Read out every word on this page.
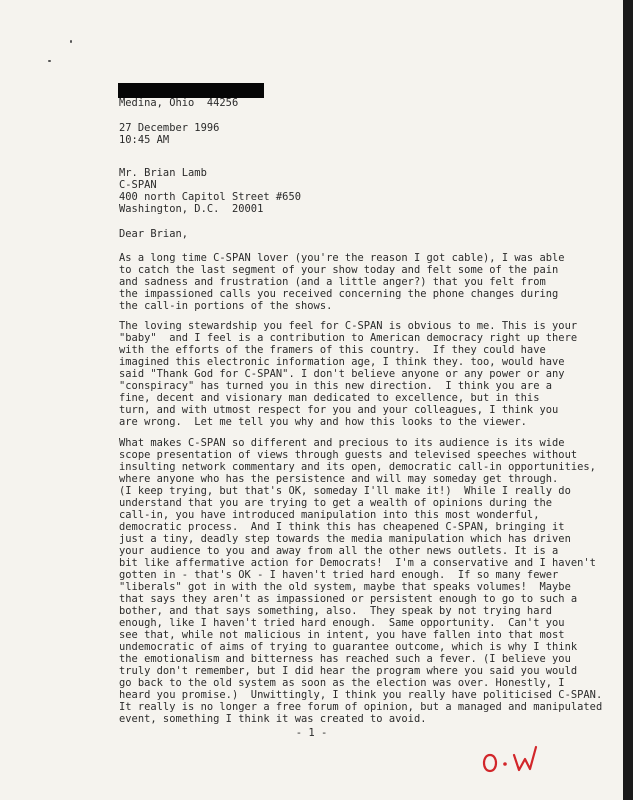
Medina, Ohio  44256
27 December 1996
10:45 AM
Mr. Brian Lamb
C-SPAN
400 north Capitol Street #650
Washington, D.C.  20001
Dear Brian,
As a long time C-SPAN lover (you're the reason I got cable), I was able
to catch the last segment of your show today and felt some of the pain
and sadness and frustration (and a little anger?) that you felt from
the impassioned calls you received concerning the phone changes during
the call-in portions of the shows.
The loving stewardship you feel for C-SPAN is obvious to me. This is your
"baby"  and I feel is a contribution to American democracy right up there
with the efforts of the framers of this country.  If they could have
imagined this electronic information age, I think they. too, would have
said "Thank God for C-SPAN". I don't believe anyone or any power or any
"conspiracy" has turned you in this new direction.  I think you are a
fine, decent and visionary man dedicated to excellence, but in this
turn, and with utmost respect for you and your colleagues, I think you
are wrong.  Let me tell you why and how this looks to the viewer.
What makes C-SPAN so different and precious to its audience is its wide
scope presentation of views through guests and televised speeches without
insulting network commentary and its open, democratic call-in opportunities,
where anyone who has the persistence and will may someday get through.
(I keep trying, but that's OK, someday I'll make it!)  While I really do
understand that you are trying to get a wealth of opinions during the
call-in, you have introduced manipulation into this most wonderful,
democratic process.  And I think this has cheapened C-SPAN, bringing it
just a tiny, deadly step towards the media manipulation which has driven
your audience to you and away from all the other news outlets. It is a
bit like affermative action for Democrats!  I'm a conservative and I haven't
gotten in - that's OK - I haven't tried hard enough.  If so many fewer
"liberals" got in with the old system, maybe that speaks volumes!  Maybe
that says they aren't as impassioned or persistent enough to go to such a
bother, and that says something, also.  They speak by not trying hard
enough, like I haven't tried hard enough.  Same opportunity.  Can't you
see that, while not malicious in intent, you have fallen into that most
undemocratic of aims of trying to guarantee outcome, which is why I think
the emotionalism and bitterness has reached such a fever. (I believe you
truly don't remember, but I did hear the program where you said you would
go back to the old system as soon as the election was over. Honestly, I
heard you promise.)  Unwittingly, I think you really have politicised C-SPAN.
It really is no longer a free forum of opinion, but a managed and manipulated
event, something I think it was created to avoid.
- 1 -
